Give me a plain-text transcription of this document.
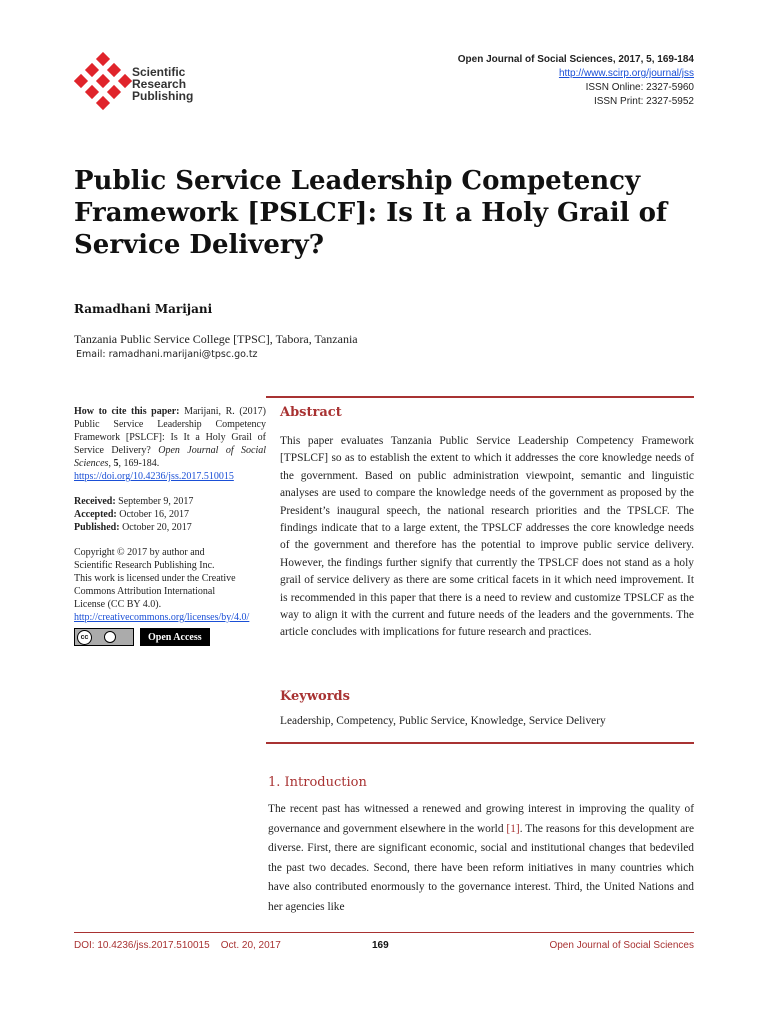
Scientific
Research
Publishing
Open Journal of Social Sciences, 2017, 5, 169-184
http://www.scirp.org/journal/jss
ISSN Online: 2327-5960
ISSN Print: 2327-5952
Public Service Leadership Competency Framework [PSLCF]: Is It a Holy Grail of Service Delivery?
Ramadhani Marijani
Tanzania Public Service College [TPSC], Tabora, Tanzania
Email: ramadhani.marijani@tpsc.go.tz

How to cite this paper: Marijani, R. (2017) Public Service Leadership Competency Framework [PSLCF]: Is It a Holy Grail of Service Delivery? Open Journal of Social Sciences, 5, 169-184.

https://doi.org/10.4236/jss.2017.510015

Received: September 9, 2017

Accepted: October 16, 2017

Published: October 20, 2017

Copyright © 2017 by author and

Scientific Research Publishing Inc.

This work is licensed under the Creative

Commons Attribution International

License (CC BY 4.0).

http://creativecommons.org/licenses/by/4.0/

cc	Open Access
Abstract

This paper evaluates Tanzania Public Service Leadership Competency Framework [TPSLCF] so as to establish the extent to which it addresses the core knowledge needs of the government. Based on public administration viewpoint, semantic and linguistic analyses are used to compare the knowledge needs of the government as proposed by the President’s inaugural speech, the national research priorities and the TPSLCF. The findings indicate that to a large extent, the TPSLCF addresses the core knowledge needs of the government and therefore has the potential to improve public service delivery. However, the findings further signify that currently the TPSLCF does not stand as a holy grail of service delivery as there are some critical facets in it which need improvement. It is recommended in this paper that there is a need to review and customize TPSLCF as the way to align it with the current and future needs of the leaders and the governments. The article concludes with implications for future research and practices.

Keywords
Leadership, Competency, Public Service, Knowledge, Service Delivery
1. Introduction

The recent past has witnessed a renewed and growing interest in improving the quality of governance and government elsewhere in the world [1]. The reasons for this development are diverse. First, there are significant economic, social and institutional changes that bedeviled the past two decades. Second, there have been reform initiatives in many countries which have also contributed enormously to the governance interest. Third, the United Nations and her agencies like

DOI: 10.4236/jss.2017.510015    Oct. 20, 2017	169	Open Journal of Social Sciences
